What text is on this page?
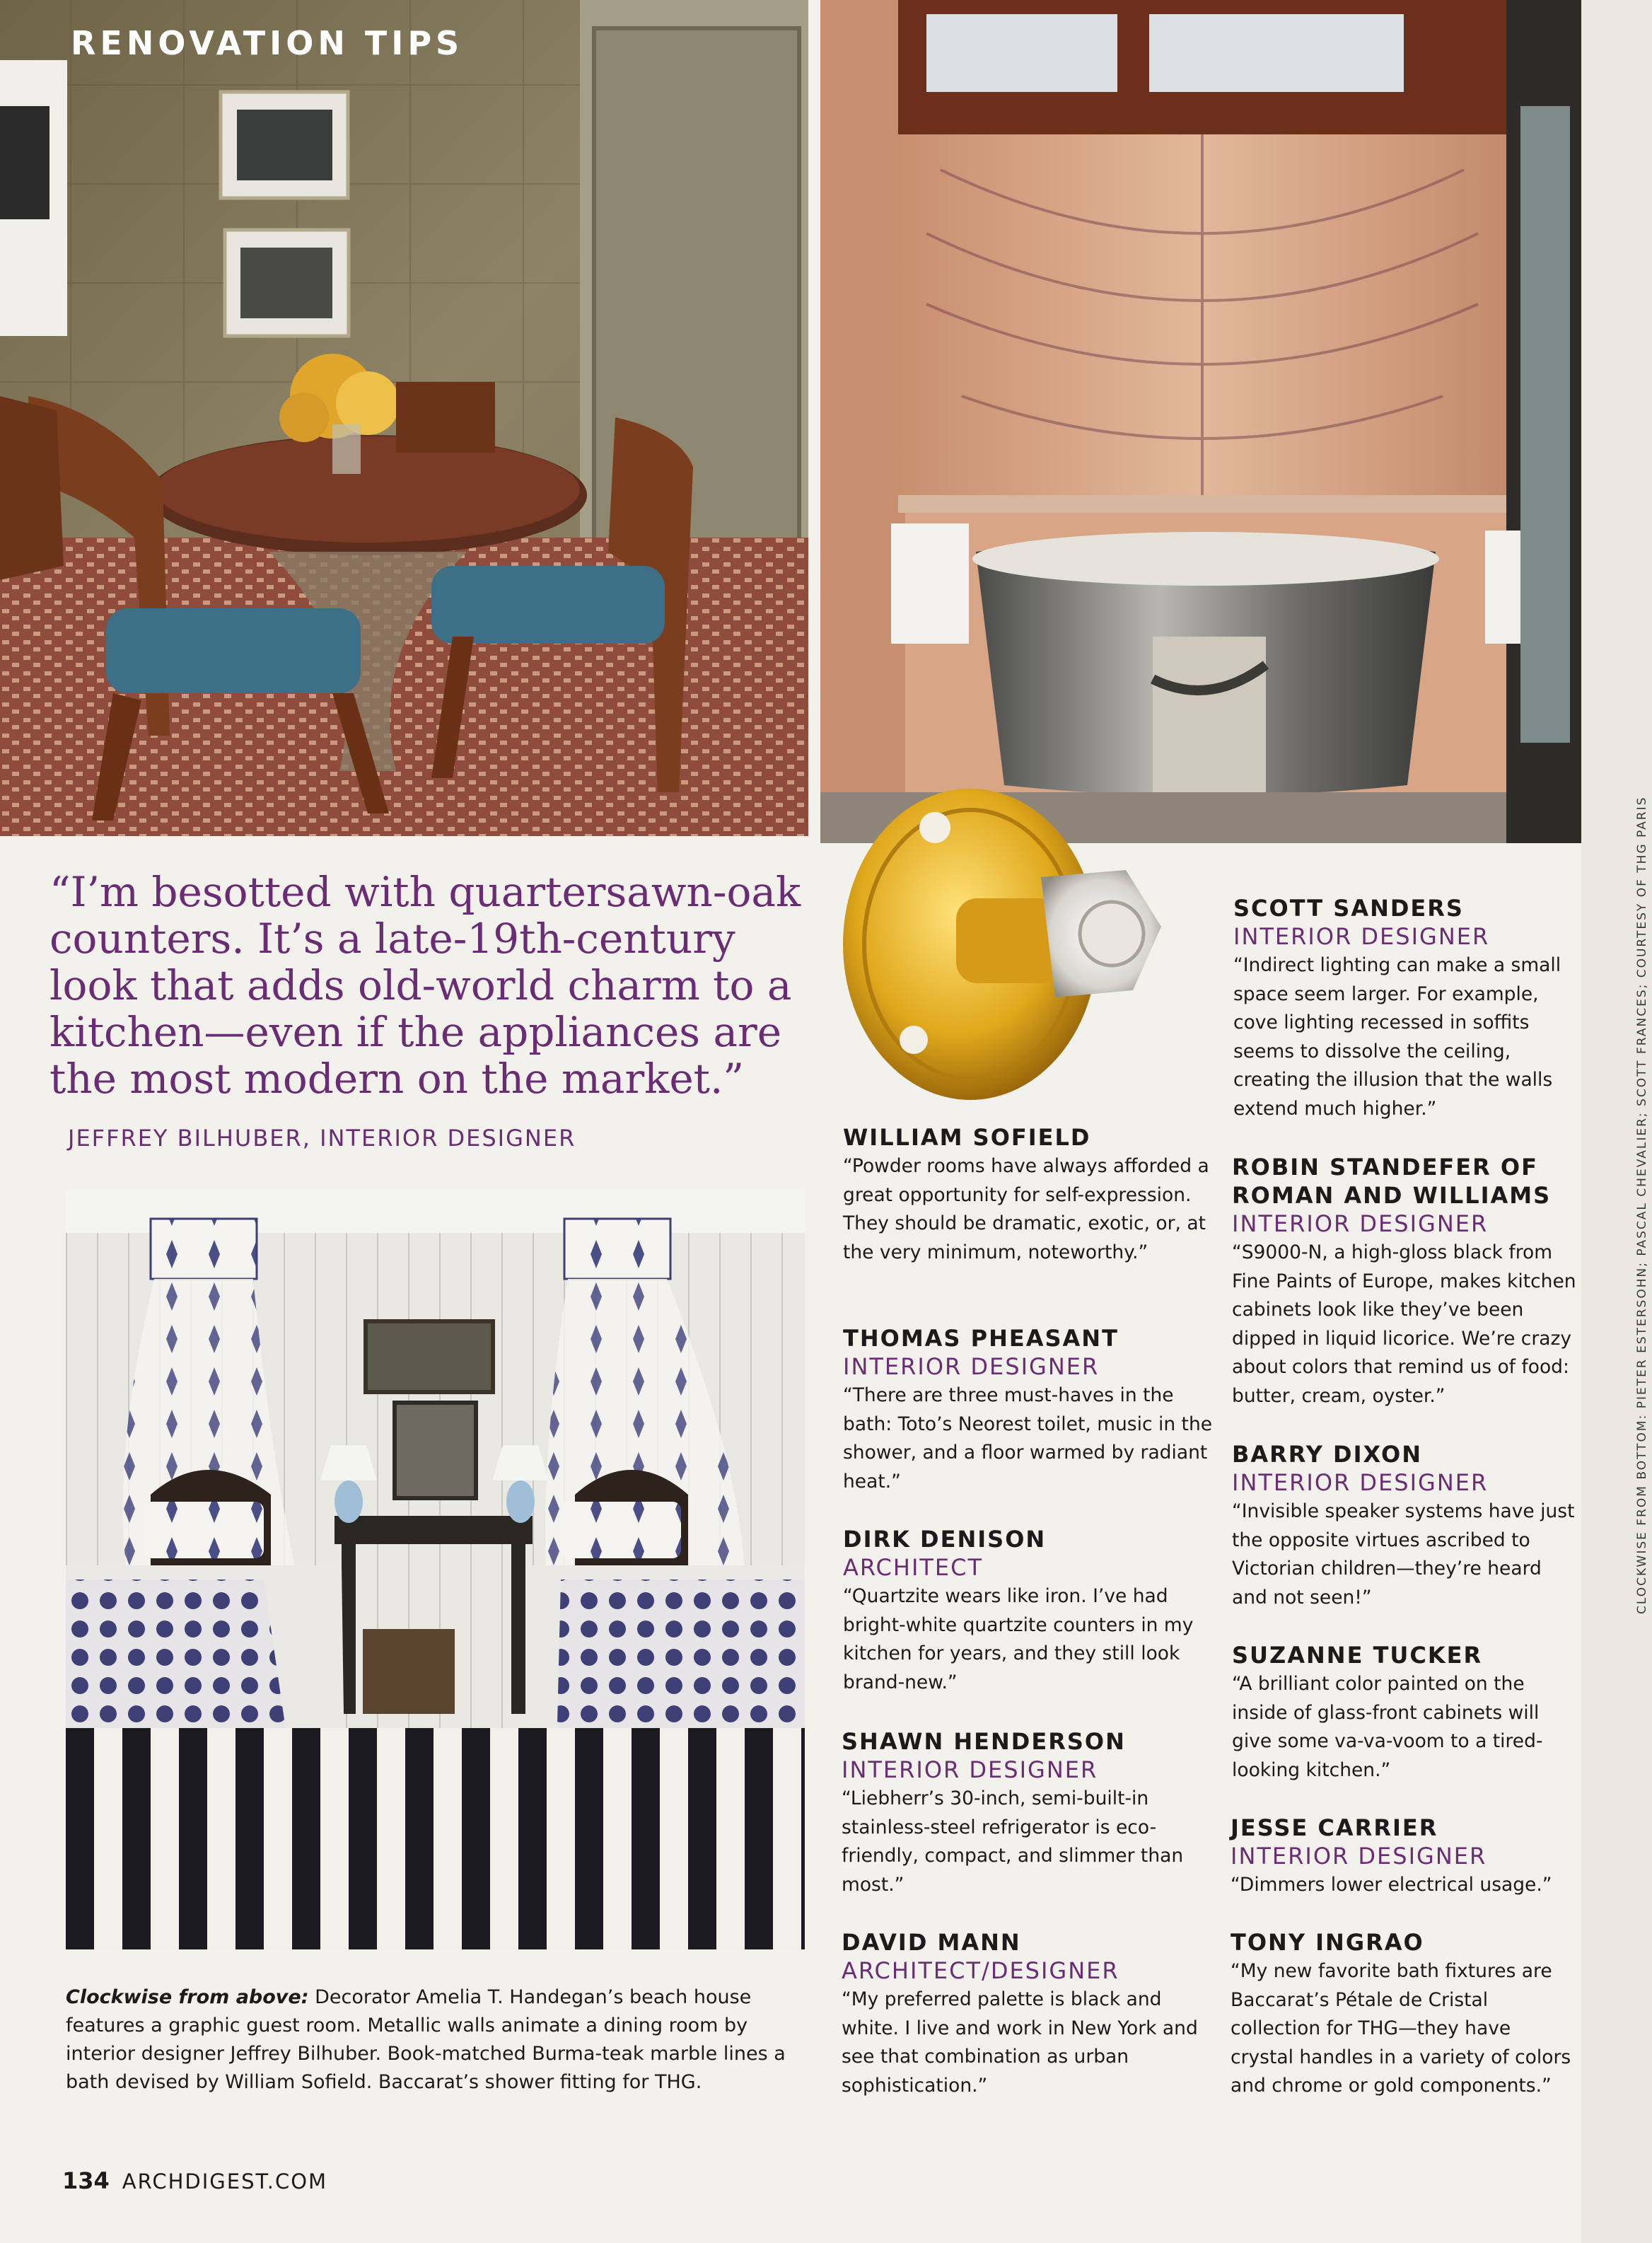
RENOVATION TIPS
“I’m besotted with quartersawn-oak counters. It’s a late-19th-century look that adds old-world charm to a kitchen—even if the appliances are the most modern on the market.”
JEFFREY BILHUBER, INTERIOR DESIGNER
Clockwise from above: Decorator Amelia T. Handegan’s beach house features a graphic guest room. Metallic walls animate a dining room by interior designer Jeffrey Bilhuber. Book-matched Burma-teak marble lines a bath devised by William Sofield. Baccarat’s shower fitting for THG.
WILLIAM SOFIELD
“Powder rooms have always afforded a great opportunity for self-expression. They should be dramatic, exotic, or, at the very minimum, noteworthy.”
THOMAS PHEASANT
INTERIOR DESIGNER
“There are three must-haves in the bath: Toto’s Neorest toilet, music in the shower, and a floor warmed by radiant heat.”
DIRK DENISON
ARCHITECT
“Quartzite wears like iron. I’ve had bright-white quartzite counters in my kitchen for years, and they still look brand-new.”
SHAWN HENDERSON
INTERIOR DESIGNER
“Liebherr’s 30-inch, semi-built-in stainless-steel refrigerator is eco-friendly, compact, and slimmer than most.”
DAVID MANN
ARCHITECT/DESIGNER
“My preferred palette is black and white. I live and work in New York and see that combination as urban sophistication.”
SCOTT SANDERS
INTERIOR DESIGNER
“Indirect lighting can make a small space seem larger. For example, cove lighting recessed in soffits seems to dissolve the ceiling, creating the illusion that the walls extend much higher.”
ROBIN STANDEFER OF ROMAN AND WILLIAMS
INTERIOR DESIGNER
“S9000-N, a high-gloss black from Fine Paints of Europe, makes kitchen cabinets look like they’ve been dipped in liquid licorice. We’re crazy about colors that remind us of food: butter, cream, oyster.”
BARRY DIXON
INTERIOR DESIGNER
“Invisible speaker systems have just the opposite virtues ascribed to Victorian children—they’re heard and not seen!”
SUZANNE TUCKER
“A brilliant color painted on the inside of glass-front cabinets will give some va-va-voom to a tired-looking kitchen.”
JESSE CARRIER
INTERIOR DESIGNER
“Dimmers lower electrical usage.”
TONY INGRAO
“My new favorite bath fixtures are Baccarat’s Pétale de Cristal collection for THG—they have crystal handles in a variety of colors and chrome or gold components.”
134 ARCHDIGEST.COM
CLOCKWISE FROM BOTTOM: PIETER ESTERSOHN; PASCAL CHEVALIER; SCOTT FRANCES; COURTESY OF THG PARIS
